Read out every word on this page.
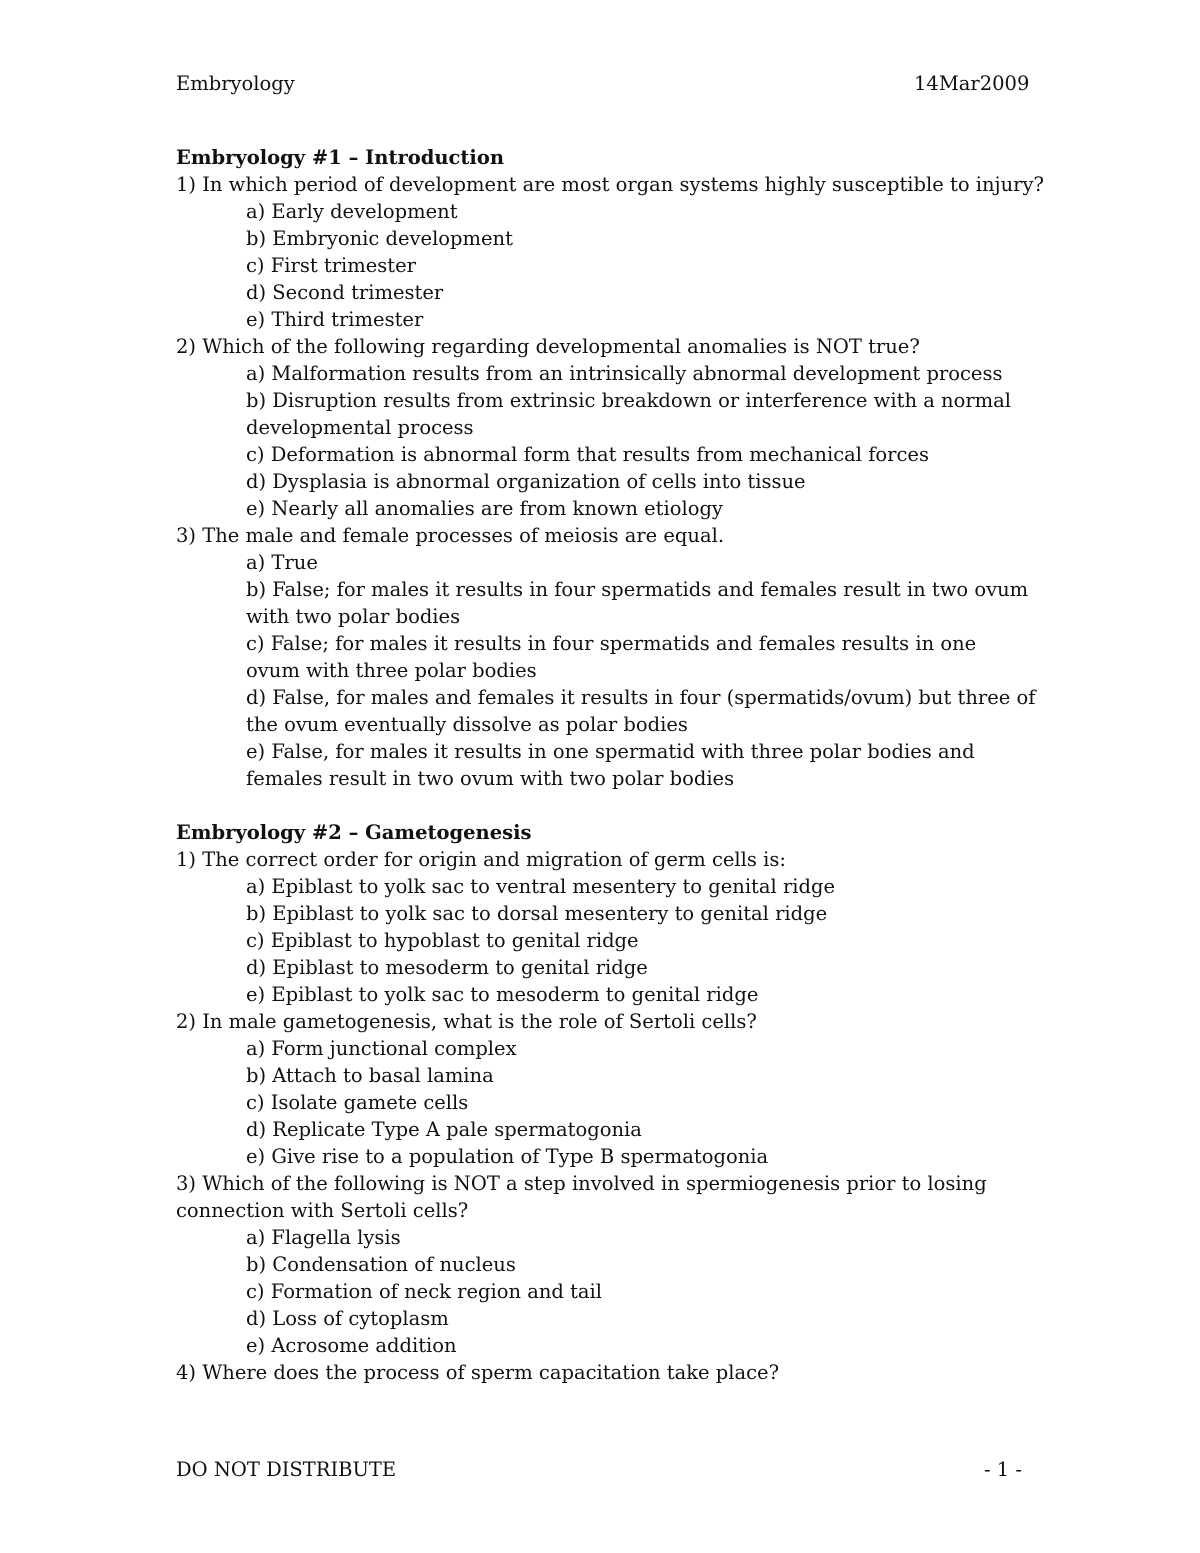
Embryology	14Mar2009
Embryology #1 – Introduction
1) In which period of development are most organ systems highly susceptible to injury?
a) Early development
b) Embryonic development
c) First trimester
d) Second trimester
e) Third trimester
2) Which of the following regarding developmental anomalies is NOT true?
a) Malformation results from an intrinsically abnormal development process
b) Disruption results from extrinsic breakdown or interference with a normal developmental process
c) Deformation is abnormal form that results from mechanical forces
d) Dysplasia is abnormal organization of cells into tissue
e) Nearly all anomalies are from known etiology
3) The male and female processes of meiosis are equal.
a) True
b) False; for males it results in four spermatids and females result in two ovum with two polar bodies
c) False; for males it results in four spermatids and females results in one ovum with three polar bodies
d) False, for males and females it results in four (spermatids/ovum) but three of the ovum eventually dissolve as polar bodies
e) False, for males it results in one spermatid with three polar bodies and females result in two ovum with two polar bodies
Embryology #2 – Gametogenesis
1) The correct order for origin and migration of germ cells is:
a) Epiblast to yolk sac to ventral mesentery to genital ridge
b) Epiblast to yolk sac to dorsal mesentery to genital ridge
c) Epiblast to hypoblast to genital ridge
d) Epiblast to mesoderm to genital ridge
e) Epiblast to yolk sac to mesoderm to genital ridge
2) In male gametogenesis, what is the role of Sertoli cells?
a) Form junctional complex
b) Attach to basal lamina
c) Isolate gamete cells
d) Replicate Type A pale spermatogonia
e) Give rise to a population of Type B spermatogonia
3) Which of the following is NOT a step involved in spermiogenesis prior to losing connection with Sertoli cells?
a) Flagella lysis
b) Condensation of nucleus
c) Formation of neck region and tail
d) Loss of cytoplasm
e) Acrosome addition
4) Where does the process of sperm capacitation take place?
DO NOT DISTRIBUTE	- 1 -
